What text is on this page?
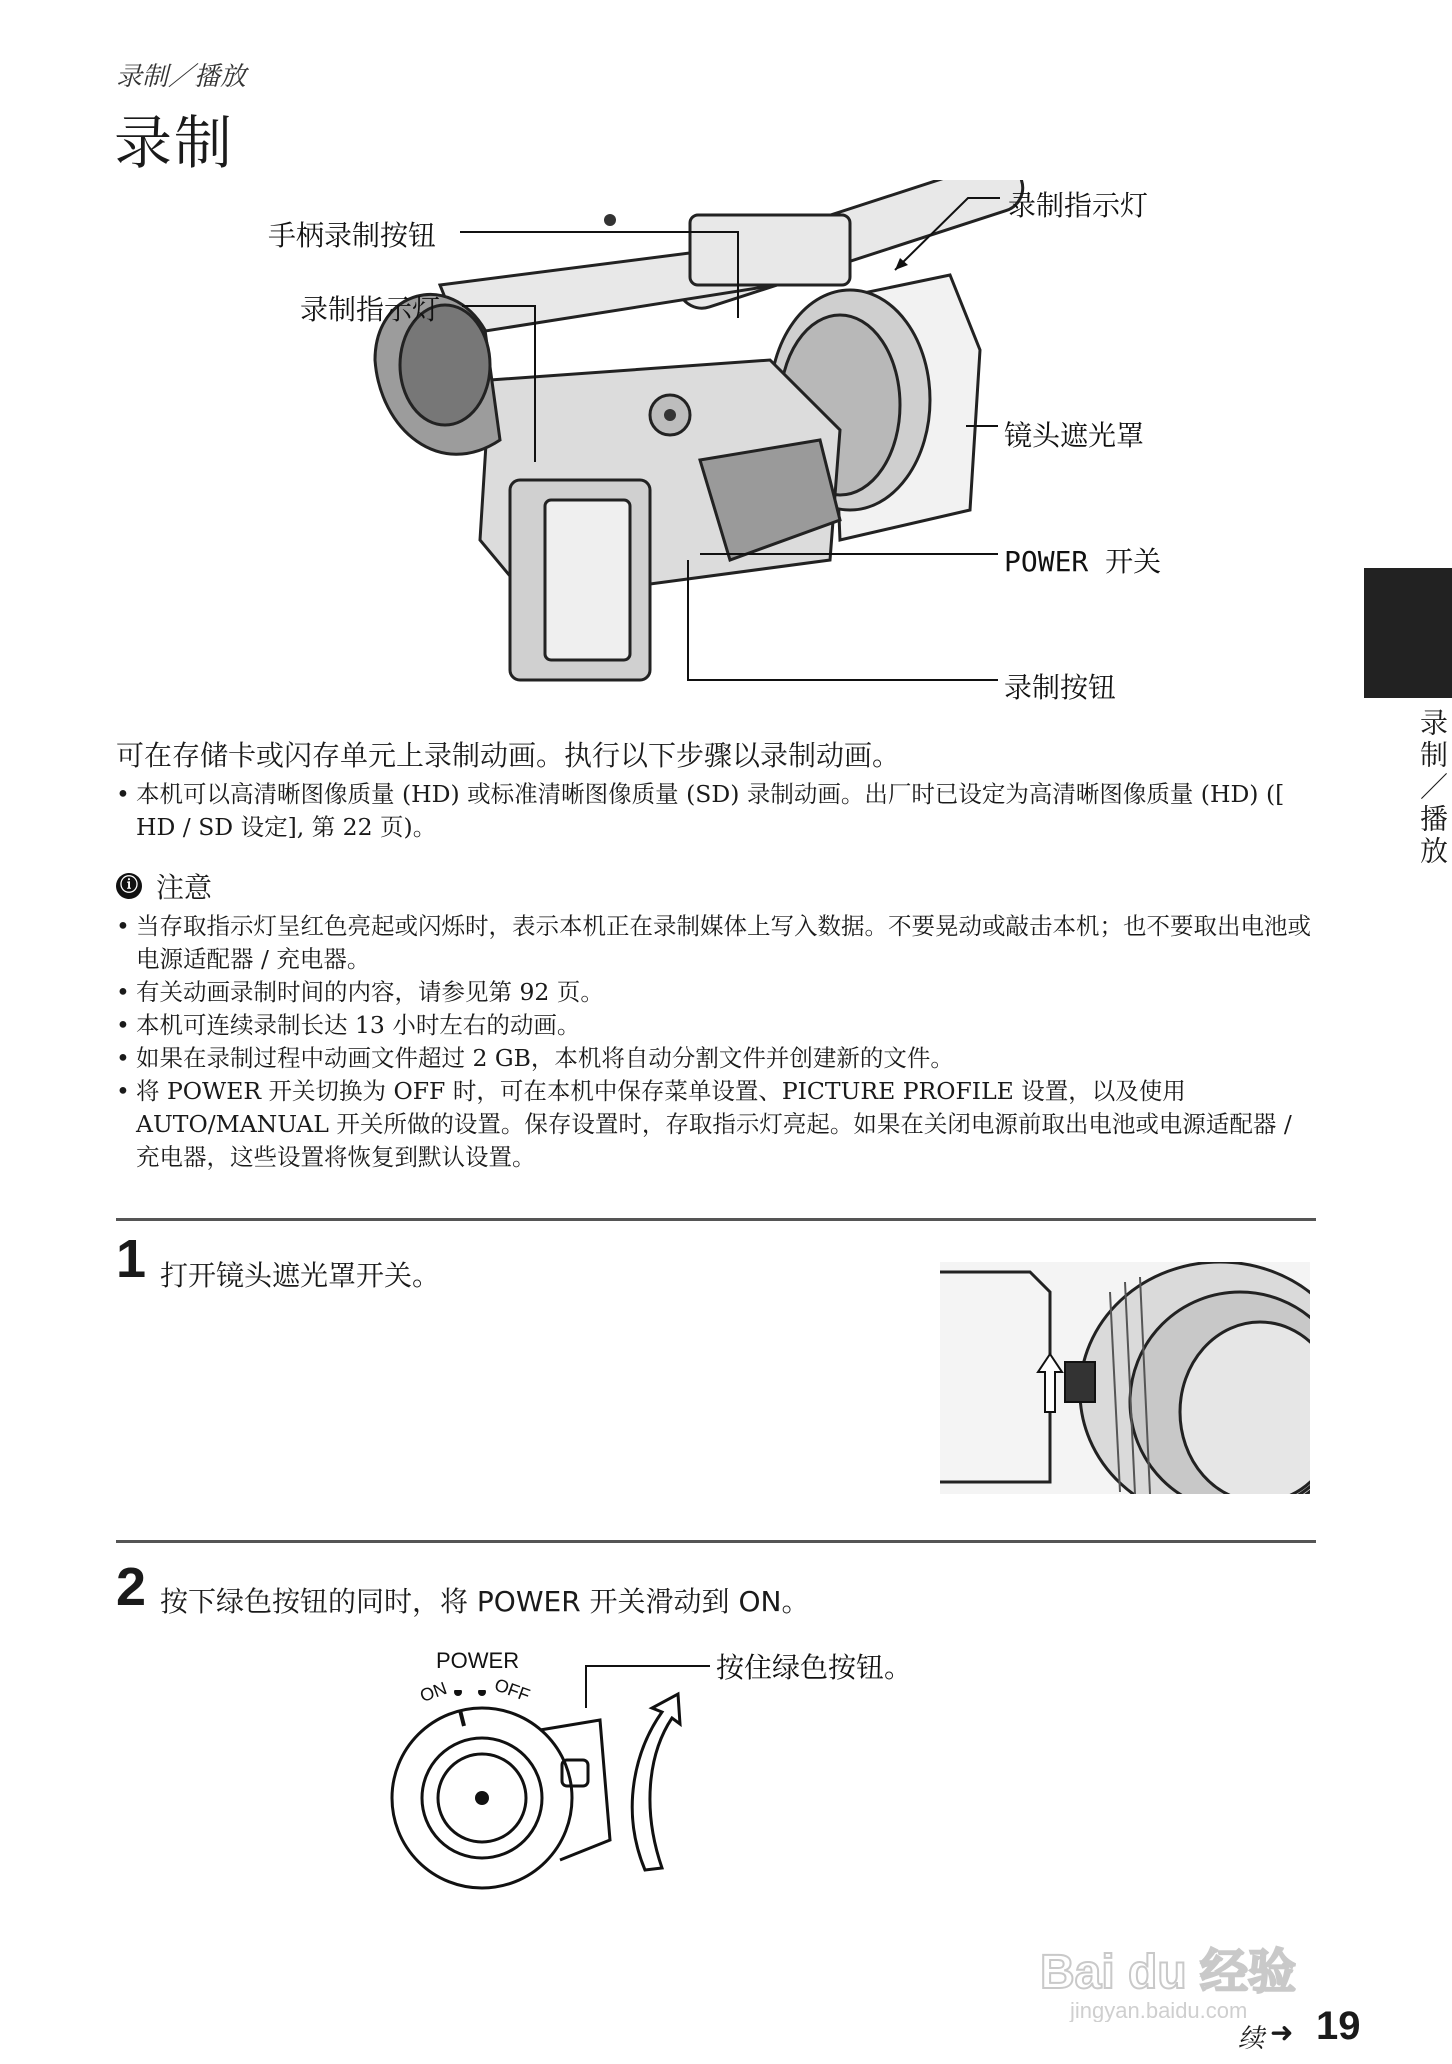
录制／播放
录制
手柄录制按钮
录制指示灯
录制指示灯
镜头遮光罩
POWER 开关
录制按钮
可在存储卡或闪存单元上录制动画。执行以下步骤以录制动画。
• 本机可以高清晰图像质量 (HD) 或标准清晰图像质量 (SD) 录制动画。出厂时已设定为高清晰图像质量 (HD) ([ HD / SD 设定], 第 22 页)。
ⓘ 注意
• 当存取指示灯呈红色亮起或闪烁时，表示本机正在录制媒体上写入数据。不要晃动或敲击本机；也不要取出电池或电源适配器 / 充电器。
• 有关动画录制时间的内容，请参见第 92 页。
• 本机可连续录制长达 13 小时左右的动画。
• 如果在录制过程中动画文件超过 2 GB，本机将自动分割文件并创建新的文件。
• 将 POWER 开关切换为 OFF 时，可在本机中保存菜单设置、PICTURE PROFILE 设置，以及使用 AUTO/MANUAL 开关所做的设置。保存设置时，存取指示灯亮起。如果在关闭电源前取出电池或电源适配器 / 充电器，这些设置将恢复到默认设置。
1 打开镜头遮光罩开关。
2 按下绿色按钮的同时，将 POWER 开关滑动到 ON。
POWER
ON OFF
按住绿色按钮。
录制／播放
Bai du 经验
jingyan.baidu.com
续 ➜ 19
